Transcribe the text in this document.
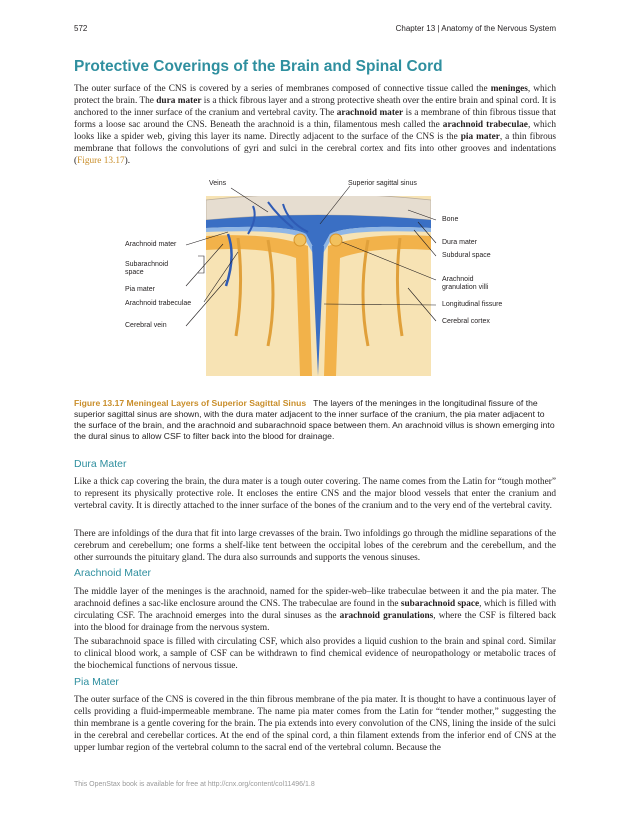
572	Chapter 13 | Anatomy of the Nervous System
Protective Coverings of the Brain and Spinal Cord

The outer surface of the CNS is covered by a series of membranes composed of connective tissue called the meninges, which protect the brain. The dura mater is a thick fibrous layer and a strong protective sheath over the entire brain and spinal cord. It is anchored to the inner surface of the cranium and vertebral cavity. The arachnoid mater is a membrane of thin fibrous tissue that forms a loose sac around the CNS. Beneath the arachnoid is a thin, filamentous mesh called the arachnoid trabeculae, which looks like a spider web, giving this layer its name. Directly adjacent to the surface of the CNS is the pia mater, a thin fibrous membrane that follows the convolutions of gyri and sulci in the cerebral cortex and fits into other grooves and indentations (Figure 13.17).

Veins	Superior sagittal sinus
Bone
Dura mater
Subdural space
Arachnoid
granulation villi
Longitudinal fissure
Cerebral cortex
Arachnoid mater
Subarachnoid
space
Pia mater
Arachnoid trabeculae
Cerebral vein

Figure 13.17 Meningeal Layers of Superior Sagittal Sinus The layers of the meninges in the longitudinal fissure of the superior sagittal sinus are shown, with the dura mater adjacent to the inner surface of the cranium, the pia mater adjacent to the surface of the brain, and the arachnoid and subarachnoid space between them. An arachnoid villus is shown emerging into the dural sinus to allow CSF to filter back into the blood for drainage.

Dura Mater

Like a thick cap covering the brain, the dura mater is a tough outer covering. The name comes from the Latin for “tough mother” to represent its physically protective role. It encloses the entire CNS and the major blood vessels that enter the cranium and vertebral cavity. It is directly attached to the inner surface of the bones of the cranium and to the very end of the vertebral cavity.

There are infoldings of the dura that fit into large crevasses of the brain. Two infoldings go through the midline separations of the cerebrum and cerebellum; one forms a shelf-like tent between the occipital lobes of the cerebrum and the cerebellum, and the other surrounds the pituitary gland. The dura also surrounds and supports the venous sinuses.

Arachnoid Mater

The middle layer of the meninges is the arachnoid, named for the spider-web–like trabeculae between it and the pia mater. The arachnoid defines a sac-like enclosure around the CNS. The trabeculae are found in the subarachnoid space, which is filled with circulating CSF. The arachnoid emerges into the dural sinuses as the arachnoid granulations, where the CSF is filtered back into the blood for drainage from the nervous system.

The subarachnoid space is filled with circulating CSF, which also provides a liquid cushion to the brain and spinal cord. Similar to clinical blood work, a sample of CSF can be withdrawn to find chemical evidence of neuropathology or metabolic traces of the biochemical functions of nervous tissue.

Pia Mater

The outer surface of the CNS is covered in the thin fibrous membrane of the pia mater. It is thought to have a continuous layer of cells providing a fluid-impermeable membrane. The name pia mater comes from the Latin for “tender mother,” suggesting the thin membrane is a gentle covering for the brain. The pia extends into every convolution of the CNS, lining the inside of the sulci in the cerebral and cerebellar cortices. At the end of the spinal cord, a thin filament extends from the inferior end of CNS at the upper lumbar region of the vertebral column to the sacral end of the vertebral column. Because the

This OpenStax book is available for free at http://cnx.org/content/col11496/1.8
